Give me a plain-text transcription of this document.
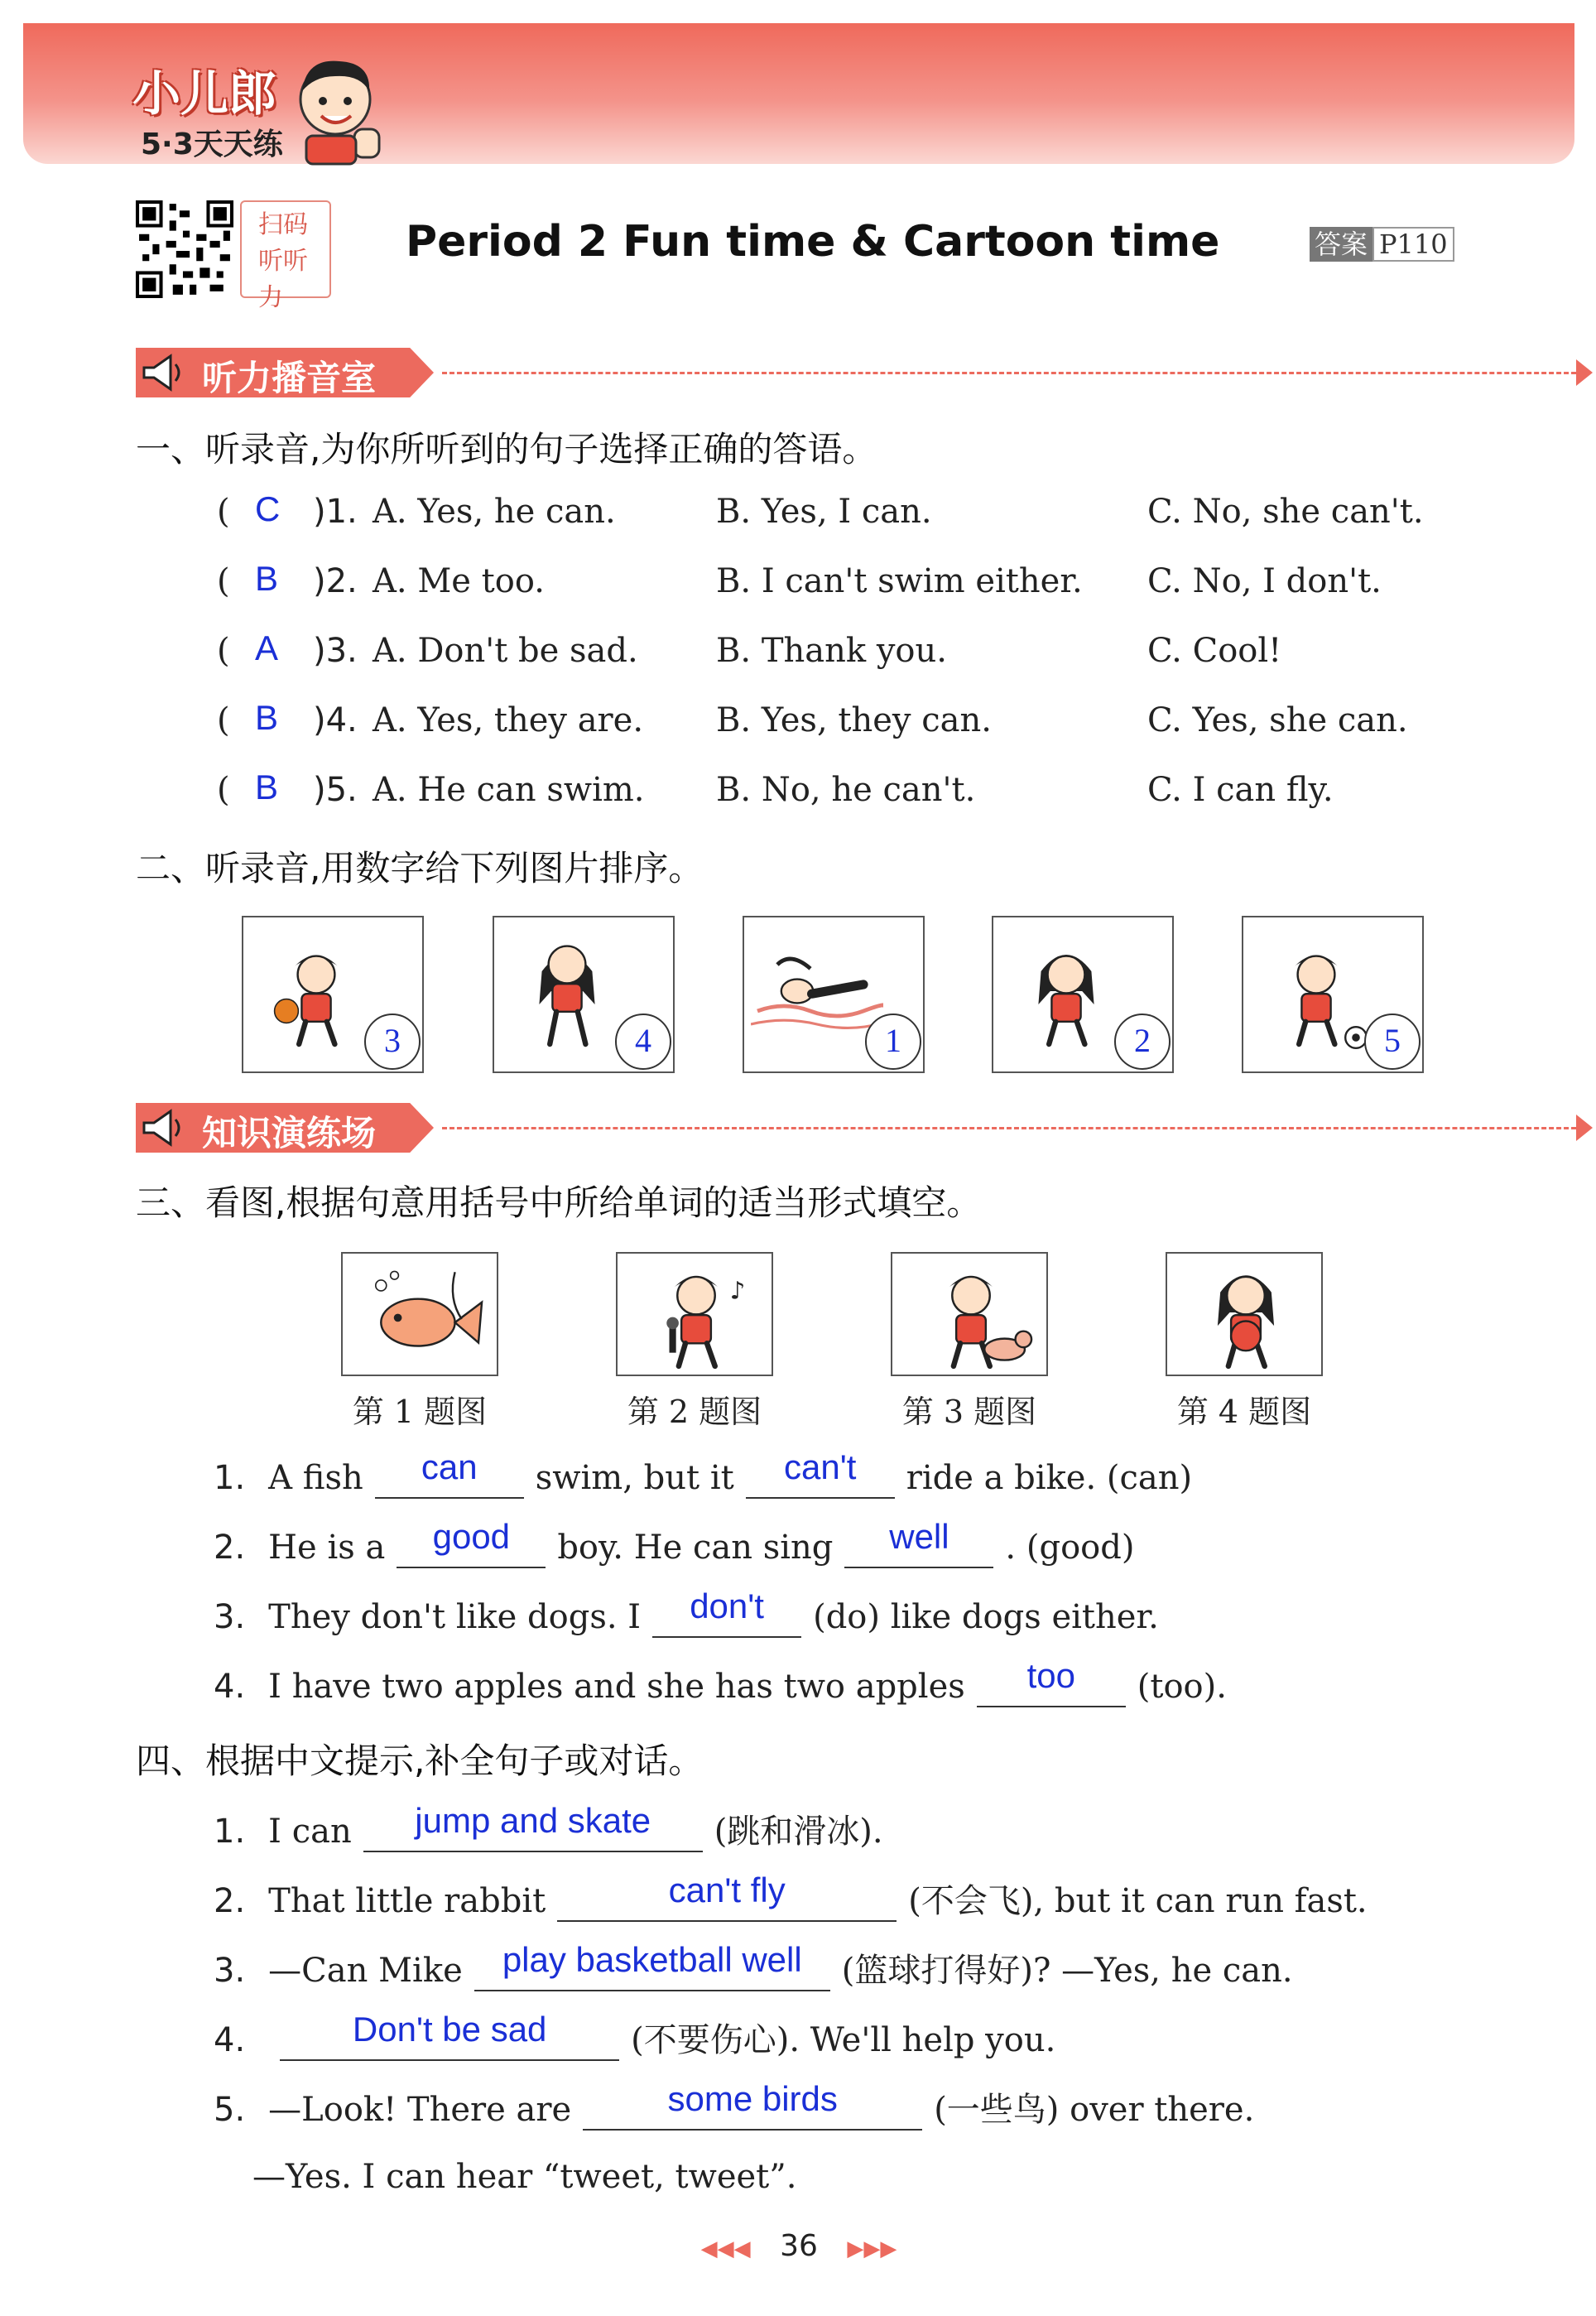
小儿郎
5·3天天练
扫码
听听力
Period 2 Fun time & Cartoon time	答案 P110
听力播音室
一、听录音,为你所听到的句子选择正确的答语。
( C )1. A. Yes, he can.	B. Yes, I can.	C. No, she can't.
( B )2. A. Me too.	B. I can't swim either. C. No, I don't.
( A )3. A. Don't be sad. B. Thank you.	C. Cool!
( B )4. A. Yes, they are. B. Yes, they can.	C. Yes, she can.
( B )5. A. He can swim. B. No, he can't.	C. I can fly.
二、听录音,用数字给下列图片排序。
3	4	1	2	5
知识演练场
三、看图,根据句意用括号中所给单词的适当形式填空。
第 1 题图
♪
第 2 题图	第 3 题图	第 4 题图
1. A fish can swim, but it can't ride a bike. (can)
2. He is a good boy. He can sing well . (good)
3. They don't like dogs. I don't (do) like dogs either.
4. I have two apples and she has two apples too (too).
四、根据中文提示,补全句子或对话。
1. I can jump and skate (跳和滑冰).
2. That little rabbit	can't fly	(不会飞), but it can run fast.
3. —Can Mike play basketball well (篮球打得好)? —Yes, he can.
4.	Don't be sad	(不要伤心). We'll help you.
5. —Look! There are	some birds	(一些鸟) over there.
—Yes. I can hear “tweet, tweet”.
◀◀◀ 36 ▶▶▶
